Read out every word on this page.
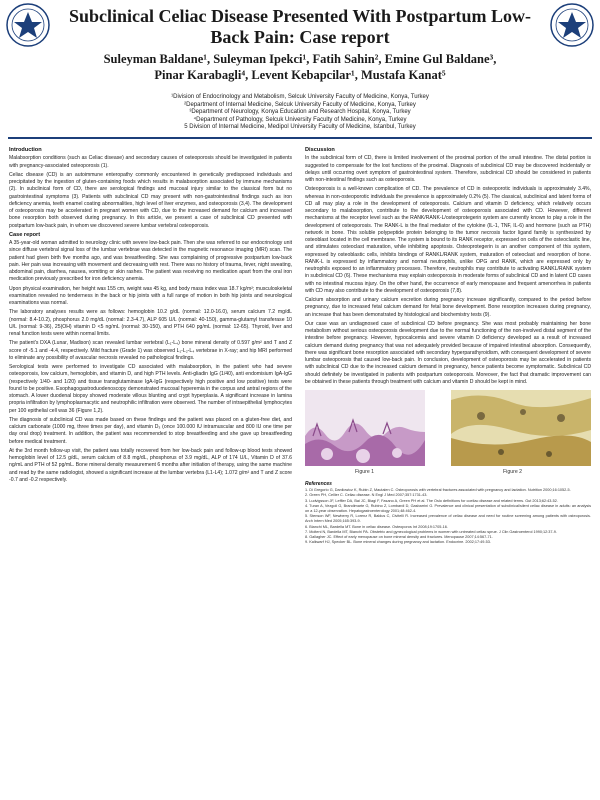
Subclinical Celiac Disease Presented With Postpartum Low-Back Pain: Case report
Suleyman Baldane¹, Suleyman Ipekci¹, Fatih Sahin², Emine Gul Baldane³,
Pinar Karabagli⁴, Levent Kebapcilar¹, Mustafa Kanat⁵
¹Division of Endocrinology and Metabolism, Selcuk University Faculty of Medicine, Konya, Turkey
²Department of Internal Medicine, Selcuk University Faculty of Medicine, Konya, Turkey
³Department of Neurology, Konya Education and Research Hospital, Konya, Turkey
⁴Department of Pathology, Selcuk University Faculty of Medicine, Konya, Turkey
5 Division of Internal Medicine, Medipol University Faculty of Medicine, Istanbul, Turkey
Introduction

Malabsorption conditions (such as Celiac disease) and secondary causes of osteoporosis should be investigated in patients with pregnancy-associated osteoporosis (1).

Celiac disease (CD) is an autoimmune enteropathy commonly encountered in genetically predisposed individuals and precipitated by the ingestion of gluten-containing foods which results in malabsorption associated by immune mechanisms (2). In subclinical form of CD, there are serological findings and mucosal injury similar to the classical form but no gastrointestinal symptoms (3). Patients with subclinical CD may present with non-gastrointestinal findings such as iron deficiency anemia, teeth enamel coating abnormalities, high level of liver enzymes, and osteoporosis (3,4). The development of osteoporosis may be accelerated in pregnant women with CD, due to the increased demand for calcium and increased bone resorption both observed during pregnancy. In this article, we present a case of subclinical CD presented with postpartum low-back pain, in whom we discovered severe lumbar vertebral osteoporosis.

Case report

A 35-year-old woman admitted to neurology clinic with severe low-back pain. Then she was referred to our endocrinology unit since diffuse vertebral signal loss of the lumbar vertebrae was detected in the magnetic resonance imaging (MRI) scan. The patient had given birth five months ago, and was breastfeeding. She was complaining of progressive postpartum low-back pain. Her pain was increasing with movement and decreasing with rest. There was no history of trauma, fever, night sweating, abdominal pain, diarrhea, nausea, vomiting or skin rashes. The patient was receiving no medication apart from the oral iron medication previously prescribed for iron deficiency anemia.

Upon physical examination, her height was 155 cm, weight was 45 kg, and body mass index was 18.7 kg/m²; musculoskeletal examination revealed no tenderness in the back or hip joints with a full range of motion in both hip joints and neurological examinations was normal.

The laboratory analyses results were as follows: hemoglobin 10.2 g/dL (normal: 12.0-16.0), serum calcium 7.2 mg/dL (normal: 8.4-10.2), phosphorus 2.0 mg/dL (normal: 2.3-4.7), ALP 605 U/L (normal: 40-150), gamma-glutamyl transferase 10 U/L (normal: 9-36), 25(OH) vitamin D <5 ng/mL (normal: 30-150), and PTH 640 pg/mL (normal: 12-65). Thyroid, liver and renal function tests were within normal limits.

The patient's DXA (Lunar, Madison) scan revealed lumbar vertebral (L₁-L₄) bone mineral density of 0.597 g/m² and T and Z score of -5.1 and -4.4, respectively. Mild fracture (Grade 1) was observed L₁-L₂-L₄ vertebrae in X-ray; and hip MRI performed to eliminate any possibility of avascular necrosis revealed no pathological findings.

Serological tests were performed to investigate CD associated with malabsorption, in the patient who had severe osteoporosis, low calcium, hemoglobin, and vitamin D, and high PTH levels. Anti-gliadin IgG (1/40), anti endomisium IgA-IgG (respectively 1/40- and 1/20) and tissue transglutaminase IgA-IgG (respectively high positive and low positive) tests were found to be positive. Esophagogastroduodenoscopy demonstrated mucosal hyperemia in the corpus and antral regions of the stomach. A lower duodenal biopsy showed moderate villous blunting and crypt hyperplasia. A significant increase in lamina propria infiltration by lymphoplasmacytic and neutrophilic infiltration were observed. The number of intraepithelial lymphocytes per 100 epithelial cell was 36 (Figure 1,2).

The diagnosis of subclinical CD was made based on these findings and the patient was placed on a gluten-free diet, and calcium carbonate (1000 mg, three times per day), and vitamin D₃ (once 100.000 IU intramuscular and 800 IU one time per day oral drop) treatment. In addition, the patient was recommended to stop breastfeeding and she gave up breastfeeding before medical treatment.

At the 3rd month follow-up visit, the patient was totally recovered from her low-back pain and follow-up blood tests showed hemoglobin level of 12.5 g/dL, serum calcium of 8.8 mg/dL, phosphorus of 3.9 mg/dL, ALP of 174 U/L, Vitamin D of 37.6 ng/mL and PTH of 52 pg/mL. Bone mineral density measurement 6 months after initiation of therapy, using the same machine and read by the same radiologist, showed a significant increase at the lumbar vertebra (L1-L4); 1.072 g/m² and T and Z score -0.7 and -0.2 respectively.

Discussion

In the subclinical form of CD, there is limited involvement of the proximal portion of the small intestine. The distal portion is suggested to compensate for the lost functions of the proximal. Diagnosis of subclinical CD may be discovered incidentally or delays until occurring overt symptom of gastrointestinal system. Therefore, subclinical CD should be considered in patients with non-intestinal findings such as osteoporosis.

Osteoporosis is a well-known complication of CD. The prevalence of CD in osteoporotic individuals is approximately 3.4%, whereas in non-osteoporotic individuals the prevalence is approximately 0.2% (5). The classical, subclinical and latent forms of CD all may play a role in the development of osteoporosis. Calcium and vitamin D deficiency, which relatively occurs secondary to malabsorption, contribute to the development of osteoporosis associated with CD. However, different mechanisms at the receptor level such as the RANK/RANK-L/osteoprotegerin system are currently known to play a role in the development of osteoporosis. The RANK-L is the final mediator of the cytokine (IL-1, TNF, IL-6) and hormone (such as PTH) network in bone. This soluble polypeptide protein belonging to the tumor necrosis factor ligand family is synthesized by osteoblast located in the cell membrane. The system is bound to its RANK receptor, expressed on cells of the osteoclastic line, and stimulates osteoclast maturation, while inhibiting apoptosis. Osteoprotegerin is an another component of this system, expressed by osteoblastic cells, inhibits bindings of RANKL/RANK system, maturation of osteoclast and resorption of bone. RANK-L is expressed by inflammatory and normal neutrophils, unlike OPG and RANK, which are expressed only by neutrophils exposed to an inflammatory processes. Therefore, neutrophils may contribute to activating RANKL/RANK system in subclinical CD (6). These mechanisms may explain osteoporosis in moderate forms of subclinical CD and in latent CD cases with no intestinal mucosa injury. On the other hand, the occurrence of early menopause and frequent amenorrhea in patients with CD may also contribute to the development of osteoporosis (7,8).

Calcium absorption and urinary calcium excretion during pregnancy increase significantly, compared to the period before pregnancy, due to increased fetal calcium demand for fetal bone development. Bone resorption increases during pregnancy, an increase that has been demonstrated by histological and biochemistry tests (9).

Our case was an undiagnosed case of subclinical CD before pregnancy. She was most probably maintaining her bone metabolism without serious osteoporosis development due to the normal functioning of the non-involved distal segment of the intestine before pregnancy. However, hypocalcemia and severe vitamin D deficiency developed as a result of increased calcium demand during pregnancy that was not adequately provided because of impaired intestinal absorption. Consequently, there was significant bone resorption associated with secondary hyperparathyroidism, with consequent development of severe lumbar osteoporosis that caused low-back pain. In conclusion, development of osteoporosis may be accelerated in patients with subclinical CD due to the increased calcium demand in pregnancy, hence patients become symptomatic. Subclinical CD should definitely be investigated in patients with postpartum osteoporosis. Moreover, the fact that dramatic improvement can be obtained in these patients through treatment with calcium and vitamin D should be kept in mind.

Figure 1	Figure 2
References
1. Di Gregorio G, Danilowicz K, Rubin Z, Mautalen C. Osteoporosis with vertebral fractures associated with pregnancy and lactation. Nutrition 2000;16:1052-5.
2. Green PH, Cellier C. Celiac disease. N Engl J Med 2007;357:1731-43.
3. Ludvigsson JF, Leffler DA, Bai JC, Biagi F, Fasano A, Green PH et al. The Oslo definitions for coeliac disease and related terms. Gut 2013;62:43-52.
4. Turan A, Vezgoli G, Brandimarte G, Rubino Z, Lombardi D, Gasbarrini G. Prevalence and clinical presentation of subclinical/silent celiac disease in adults: an analysis on a 12-year observation. Hepatogastroenterology 2001;48:462-4.
5. Stenson WF, Newberry R, Lorenz R, Baldus C, Civitelli R. Increased prevalence of celiac disease and need for routine screening among patients with osteoporosis. Arch Intern Med 2005;165:393-9.
6. Bianchi ML, Bardella MT. Bone in celiac disease. Osteoporos Int 2008;19:1705-16.
7. Molteni N, Bardella MT, Bianchi PA. Obstetric and gynecological problems in women with untreated celiac sprue. J Clin Gastroenterol 1990;12:37-9.
8. Gallagher JC. Effect of early menopause on bone mineral density and fractures. Menopause 2007;14:567-71.
9. Kalkwarf HJ, Specker BL. Bone mineral changes during pregnancy and lactation. Endocrine. 2002;17:49-53.
